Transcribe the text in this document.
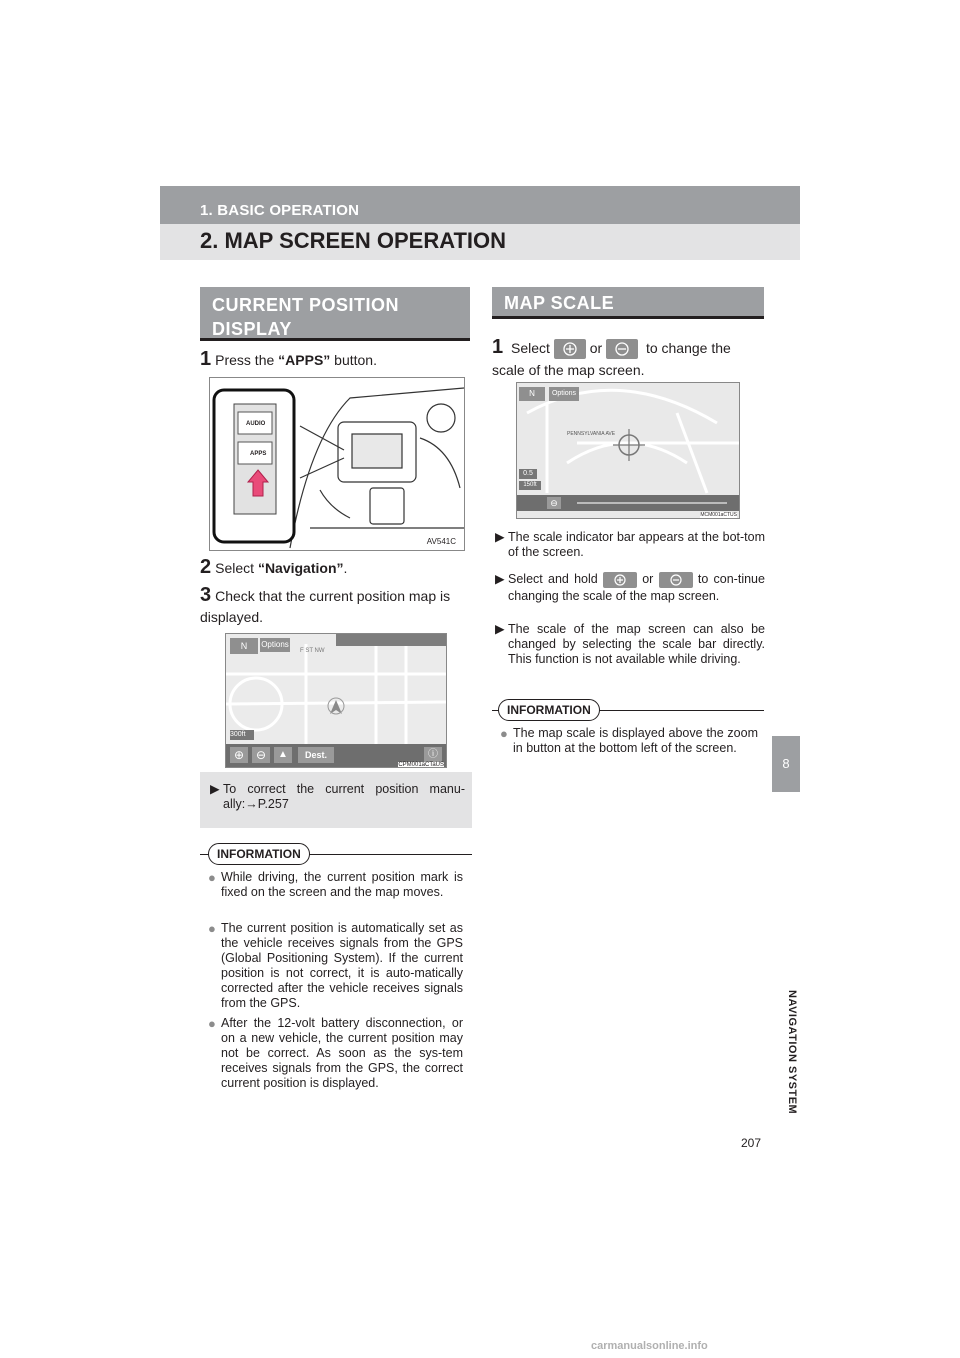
1. BASIC OPERATION
2. MAP SCREEN OPERATION
8
NAVIGATION SYSTEM
CURRENT POSITION DISPLAY
1 Press the “APPS” button.
AUDIO
APPS
AV541C
2 Select “Navigation”.
3 Check that the current position map is displayed.
N	Options
F ST NW
300ft
⊕ ⊖	▲	Dest.	ⓘ
CPM001aCTaUS
▶ To correct the current position manu-ally:→P.257
INFORMATION
● While driving, the current position mark is fixed on the screen and the map moves.
● The current position is automatically set as the vehicle receives signals from the GPS (Global Positioning System). If the current position is not correct, it is auto-matically corrected after the vehicle receives signals from the GPS.
● After the 12-volt battery disconnection, or on a new vehicle, the current position may not be correct. As soon as the sys-tem receives signals from the GPS, the correct current position is displayed.
MAP SCALE
1 Select	or	to change the scale of the map screen.
N	Options
PENNSYLVANIA AVE
0.5
150ft
⊖
MCM001aCTUS
▶ The scale indicator bar appears at the bot-tom of the screen.
▶ Select and hold	or	to con-tinue changing the scale of the map screen.
▶ The scale of the map screen can also be changed by selecting the scale bar directly. This function is not available while driving.
INFORMATION
● The map scale is displayed above the zoom in button at the bottom left of the screen.
207
carmanualsonline.info
